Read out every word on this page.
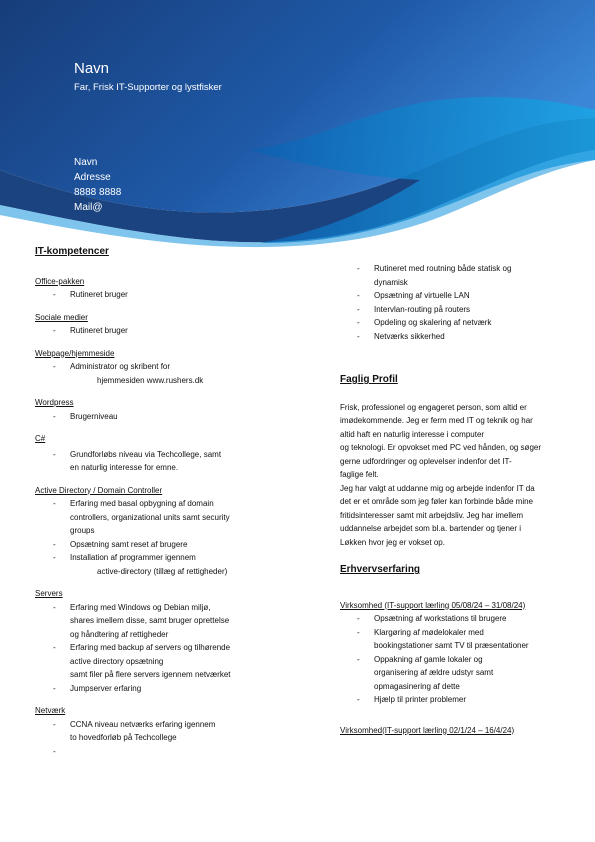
Navn
Far, Frisk IT-Supporter og lystfisker
Navn
Adresse
8888 8888
Mail@
IT-kompetencer
Office-pakken
- Rutineret bruger
Sociale medier
- Rutineret bruger
Webpage/hjemmeside
- Administrator og skribent for
hjemmesiden www.rushers.dk
Wordpress
- Brugerniveau
C#
- Grundforløbs niveau via Techcollege, samt
en naturlig interesse for emne.
Active Directory / Domain Controller
- Erfaring med basal opbygning af domain
controllers, organizational units samt security
groups
- Opsætning samt reset af brugere
- Installation af programmer igennem
active-directory (tillæg af rettigheder)
Servers
- Erfaring med Windows og Debian miljø,
shares imellem disse, samt bruger oprettelse
og håndtering af rettigheder
- Erfaring med backup af servers og tilhørende
active directory opsætning
samt filer på flere servers igennem netværket
- Jumpserver erfaring
Netværk
- CCNA niveau netværks erfaring igennem
to hovedforløb på Techcollege
-
- Rutineret med routning både statisk og
dynamisk
- Opsætning af virtuelle LAN
- Intervlan-routing på routers
- Opdeling og skalering af netværk
- Netværks sikkerhed
Faglig Profil
Frisk, professionel og engageret person, som altid er
imødekommende. Jeg er ferm med IT og teknik og har
altid haft en naturlig interesse i computer
og teknologi. Er opvokset med PC ved hånden, og søger
gerne udfordringer og oplevelser indenfor det IT-
faglige felt.
Jeg har valgt at uddanne mig og arbejde indenfor IT da
det er et område som jeg føler kan forbinde både mine
fritidsinteresser samt mit arbejdsliv. Jeg har imellem
uddannelse arbejdet som bl.a. bartender og tjener i
Løkken hvor jeg er vokset op.
Erhvervserfaring
Virksomhed (IT-support lærling 05/08/24 – 31/08/24)
- Opsætning af workstations til brugere
- Klargøring af mødelokaler med
bookingstationer samt TV til præsentationer
- Oppakning af gamle lokaler og
organisering af ældre udstyr samt
opmagasinering af dette
- Hjælp til printer problemer
Virksomhed(IT-support lærling 02/1/24 – 16/4/24)
